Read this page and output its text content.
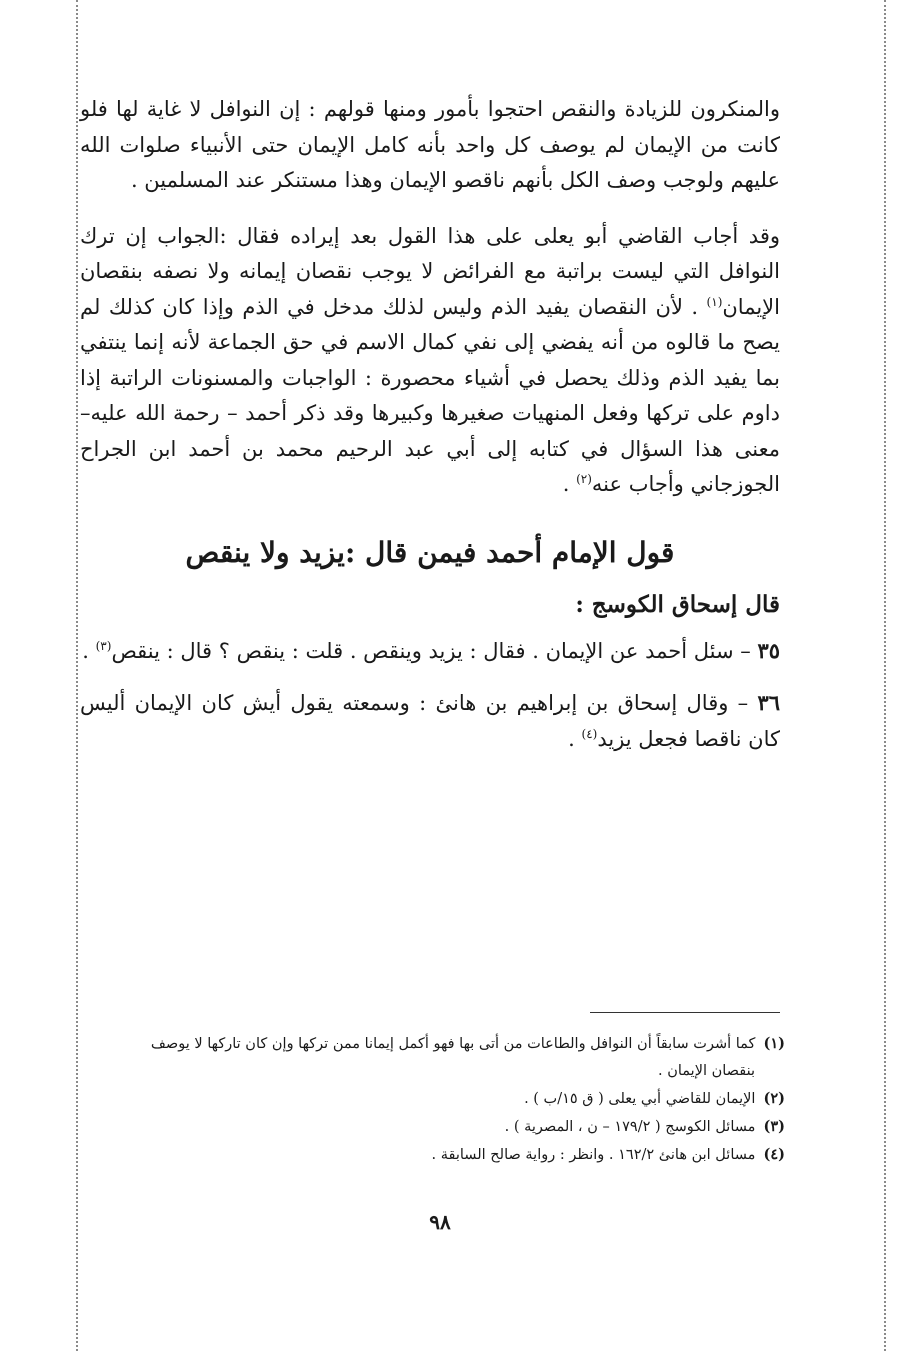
والمنكرون للزيادة والنقص احتجوا بأمور ومنها قولهم : إن النوافل لا غاية لها فلو كانت من الإيمان لم يوصف كل واحد بأنه كامل الإيمان حتى الأنبياء صلوات الله عليهم ولوجب وصف الكل بأنهم ناقصو الإيمان وهذا مستنكر عند المسلمين .

وقد أجاب القاضي أبو يعلى على هذا القول بعد إيراده فقال :الجواب إن ترك النوافل التي ليست براتبة مع الفرائض لا يوجب نقصان إيمانه ولا نصفه بنقصان الإيمان$^{(١)}$ . لأن النقصان يفيد الذم وليس لذلك مدخل في الذم وإذا كان كذلك لم يصح ما قالوه من أنه يفضي إلى نفي كمال الاسم في حق الجماعة لأنه إنما ينتفي بما يفيد الذم وذلك يحصل في أشياء محصورة : الواجبات والمسنونات الراتبة إذا داوم على تركها وفعل المنهيات صغيرها وكبيرها وقد ذكر أحمد – رحمة الله عليه– معنى هذا السؤال في كتابه إلى أبي عبد الرحيم محمد بن أحمد ابن الجراح الجوزجاني وأجاب عنه$^{(٢)}$ .

قول الإمام أحمد فيمن قال :يزيد ولا ينقص
قال إسحاق الكوسج :

٣٥ – سئل أحمد عن الإيمان . فقال : يزيد وينقص . قلت : ينقص ؟ قال : ينقص$^{(٣)}$ .

٣٦ – وقال إسحاق بن إبراهيم بن هانئ : وسمعته يقول أيش كان الإيمان أليس كان ناقصا فجعل يزيد$^{(٤)}$ .

(١)كما أشرت سابقاً أن النوافل والطاعات من أتى بها فهو أكمل إيمانا ممن تركها وإن كان تاركها لا يوصف

بنقصان الإيمان .

(٢)الإيمان للقاضي أبي يعلى ( ق ١٥/ب ) .

(٣)مسائل الكوسج ( ١٧٩/٢ – ن ، المصرية ) .

(٤)مسائل ابن هانئ ١٦٢/٢ . وانظر : رواية صالح السابقة .

٩٨
